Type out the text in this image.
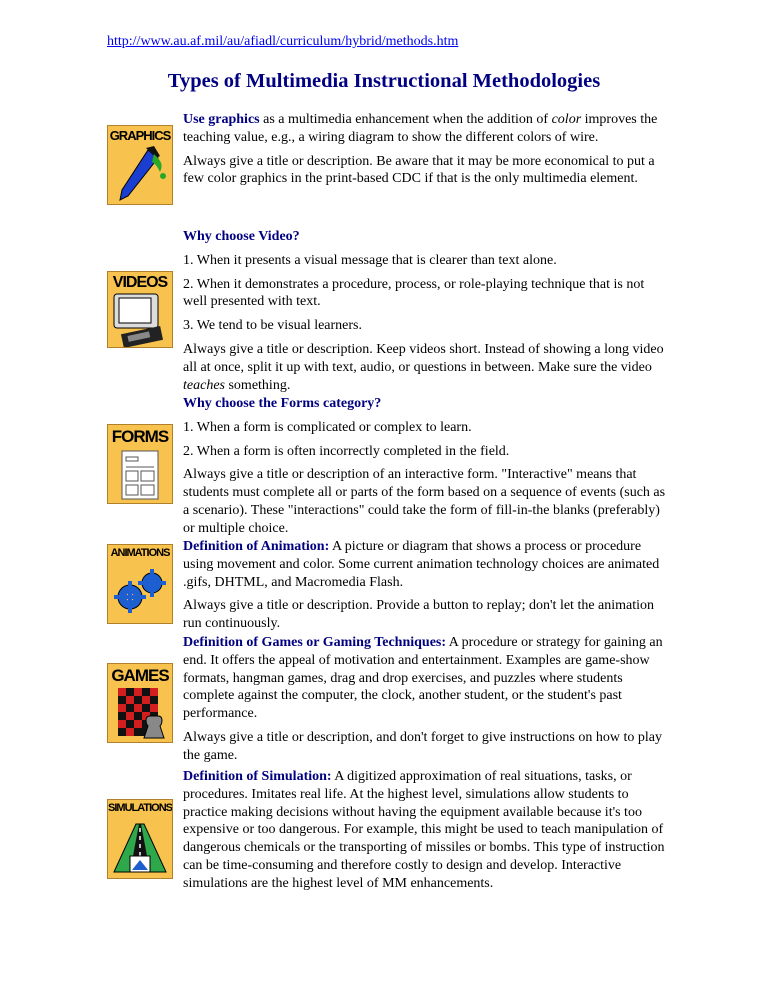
http://www.au.af.mil/au/afiadl/curriculum/hybrid/methods.htm
Types of Multimedia Instructional Methodologies
GRAPHICS
VIDEOS
FORMS
ANIMATIONS
GAMES
SIMULATIONS

Use graphics as a multimedia enhancement when the addition of color improves the teaching value, e.g., a wiring diagram to show the different colors of wire.

Always give a title or description. Be aware that it may be more economical to put a few color graphics in the print-based CDC if that is the only multimedia element.

Why choose Video?

1. When it presents a visual message that is clearer than text alone.

2. When it demonstrates a procedure, process, or role-playing technique that is not well presented with text.

3. We tend to be visual learners.

Always give a title or description. Keep videos short. Instead of showing a long video all at once, split it up with text, audio, or questions in between. Make sure the video teaches something.

Why choose the Forms category?

1. When a form is complicated or complex to learn.

2. When a form is often incorrectly completed in the field.

Always give a title or description of an interactive form. "Interactive" means that students must complete all or parts of the form based on a sequence of events (such as a scenario). These "interactions" could take the form of fill-in-the blanks (preferably) or multiple choice.

Definition of Animation: A picture or diagram that shows a process or procedure using movement and color. Some current animation technology choices are animated .gifs, DHTML, and Macromedia Flash.

Always give a title or description. Provide a button to replay; don't let the animation run continuously.

Definition of Games or Gaming Techniques: A procedure or strategy for gaining an end. It offers the appeal of motivation and entertainment. Examples are game-show formats, hangman games, drag and drop exercises, and puzzles where students complete against the computer, the clock, another student, or the student's past performance.

Always give a title or description, and don't forget to give instructions on how to play the game.

Definition of Simulation: A digitized approximation of real situations, tasks, or procedures. Imitates real life. At the highest level, simulations allow students to practice making decisions without having the equipment available because it's too expensive or too dangerous. For example, this might be used to teach manipulation of dangerous chemicals or the transporting of missiles or bombs. This type of instruction can be time-consuming and therefore costly to design and develop. Interactive simulations are the highest level of MM enhancements.
